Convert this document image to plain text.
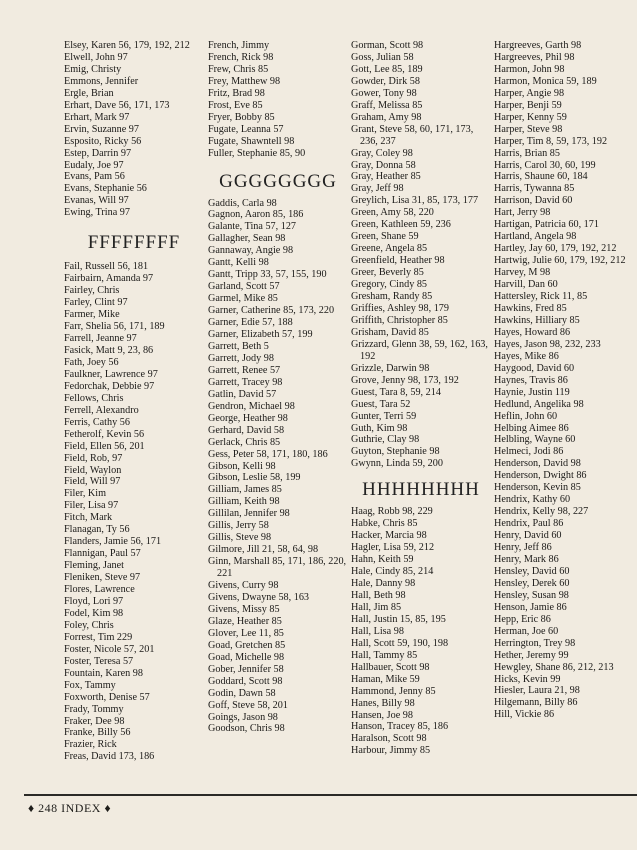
Elsey, Karen 56, 179, 192, 212
Elwell, John 97
Emig, Christy
Emmons, Jennifer
Ergle, Brian
Erhart, Dave 56, 171, 173
Erhart, Mark 97
Ervin, Suzanne 97
Esposito, Ricky 56
Estep, Darrin 97
Eudaly, Joe 97
Evans, Pam 56
Evans, Stephanie 56
Evanas, Will 97
Ewing, Trina 97
FFFFFFFF
Fail, Russell 56, 181
Fairbairn, Amanda 97
Fairley, Chris
Farley, Clint 97
Farmer, Mike
Farr, Shelia 56, 171, 189
Farrell, Jeanne 97
Fasick, Matt 9, 23, 86
Fath, Joey 56
Faulkner, Lawrence 97
Fedorchak, Debbie 97
Fellows, Chris
Ferrell, Alexandro
Ferris, Cathy 56
Fetherolf, Kevin 56
Field, Ellen 56, 201
Field, Rob, 97
Field, Waylon
Field, Will 97
Filer, Kim
Filer, Lisa 97
Fitch, Mark
Flanagan, Ty 56
Flanders, Jamie 56, 171
Flannigan, Paul 57
Fleming, Janet
Fleniken, Steve 97
Flores, Lawrence
Floyd, Lori 97
Fodel, Kim 98
Foley, Chris
Forrest, Tim 229
Foster, Nicole 57, 201
Foster, Teresa 57
Fountain, Karen 98
Fox, Tammy
Foxworth, Denise 57
Frady, Tommy
Fraker, Dee 98
Franke, Billy 56
Frazier, Rick
Freas, David 173, 186
French, Jimmy
French, Rick 98
Frew, Chris 85
Frey, Matthew 98
Fritz, Brad 98
Frost, Eve 85
Fryer, Bobby 85
Fugate, Leanna 57
Fugate, Shawntell 98
Fuller, Stephanie 85, 90
GGGGGGGG
Gaddis, Carla 98
Gagnon, Aaron 85, 186
Galante, Tina 57, 127
Gallagher, Sean 98
Gannaway, Angie 98
Gantt, Kelli 98
Gantt, Tripp 33, 57, 155, 190
Garland, Scott 57
Garmel, Mike 85
Garner, Catherine 85, 173, 220
Garner, Edie 57, 188
Garner, Elizabeth 57, 199
Garrett, Beth 5
Garrett, Jody 98
Garrett, Renee 57
Garrett, Tracey 98
Gatlin, David 57
Gendron, Michael 98
George, Heather 98
Gerhard, David 58
Gerlack, Chris 85
Gess, Peter 58, 171, 180, 186
Gibson, Kelli 98
Gibson, Leslie 58, 199
Gilliam, James 85
Gilliam, Keith 98
Gillilan, Jennifer 98
Gillis, Jerry 58
Gillis, Steve 98
Gilmore, Jill 21, 58, 64, 98
Ginn, Marshall 85, 171, 186, 220, 221
Givens, Curry 98
Givens, Dwayne 58, 163
Givens, Missy 85
Glaze, Heather 85
Glover, Lee 11, 85
Goad, Gretchen 85
Goad, Michelle 98
Gober, Jennifer 58
Goddard, Scott 98
Godin, Dawn 58
Goff, Steve 58, 201
Goings, Jason 98
Goodson, Chris 98
Gorman, Scott 98
Goss, Julian 58
Gott, Lee 85, 189
Gowder, Dirk 58
Gower, Tony 98
Graff, Melissa 85
Graham, Amy 98
Grant, Steve 58, 60, 171, 173, 236, 237
Gray, Coley 98
Gray, Donna 58
Gray, Heather 85
Gray, Jeff 98
Greylich, Lisa 31, 85, 173, 177
Green, Amy 58, 220
Green, Kathleen 59, 236
Green, Shane 59
Greene, Angela 85
Greenfield, Heather 98
Greer, Beverly 85
Gregory, Cindy 85
Gresham, Randy 85
Griffies, Ashley 98, 179
Griffith, Christopher 85
Grisham, David 85
Grizzard, Glenn 38, 59, 162, 163, 192
Grizzle, Darwin 98
Grove, Jenny 98, 173, 192
Guest, Tara 8, 59, 214
Guest, Tara 52
Gunter, Terri 59
Guth, Kim 98
Guthrie, Clay 98
Guyton, Stephanie 98
Gwynn, Linda 59, 200
HHHHHHHH
Haag, Robb 98, 229
Habke, Chris 85
Hacker, Marcia 98
Hagler, Lisa 59, 212
Hahn, Keith 59
Hale, Cindy 85, 214
Hale, Danny 98
Hall, Beth 98
Hall, Jim 85
Hall, Justin 15, 85, 195
Hall, Lisa 98
Hall, Scott 59, 190, 198
Hall, Tammy 85
Hallbauer, Scott 98
Haman, Mike 59
Hammond, Jenny 85
Hanes, Billy 98
Hansen, Joe 98
Hanson, Tracey 85, 186
Haralson, Scott 98
Harbour, Jimmy 85
Hargreeves, Garth 98
Hargreeves, Phil 98
Harmon, John 98
Harmon, Monica 59, 189
Harper, Angie 98
Harper, Benji 59
Harper, Kenny 59
Harper, Steve 98
Harper, Tim 8, 59, 173, 192
Harris, Brian 85
Harris, Carol 30, 60, 199
Harris, Shaune 60, 184
Harris, Tywanna 85
Harrison, David 60
Hart, Jerry 98
Hartigan, Patricia 60, 171
Hartland, Angela 98
Hartley, Jay 60, 179, 192, 212
Hartwig, Julie 60, 179, 192, 212
Harvey, M 98
Harvill, Dan 60
Hattersley, Rick 11, 85
Hawkins, Fred 85
Hawkins, Hilliary 85
Hayes, Howard 86
Hayes, Jason 98, 232, 233
Hayes, Mike 86
Haygood, David 60
Haynes, Travis 86
Haynie, Justin 119
Hedlund, Angelika 98
Heflin, John 60
Helbing Aimee 86
Helbling, Wayne 60
Helmeci, Jodi 86
Henderson, David 98
Henderson, Dwight 86
Henderson, Kevin 85
Hendrix, Kathy 60
Hendrix, Kelly 98, 227
Hendrix, Paul 86
Henry, David 60
Henry, Jeff 86
Henry, Mark 86
Hensley, David 60
Hensley, Derek 60
Hensley, Susan 98
Henson, Jamie 86
Hepp, Eric 86
Herman, Joe 60
Herrington, Trey 98
Hether, Jeremy 99
Hewgley, Shane 86, 212, 213
Hicks, Kevin 99
Hiesler, Laura 21, 98
Hilgemann, Billy 86
Hill, Vickie 86
♦ 248 INDEX ♦
